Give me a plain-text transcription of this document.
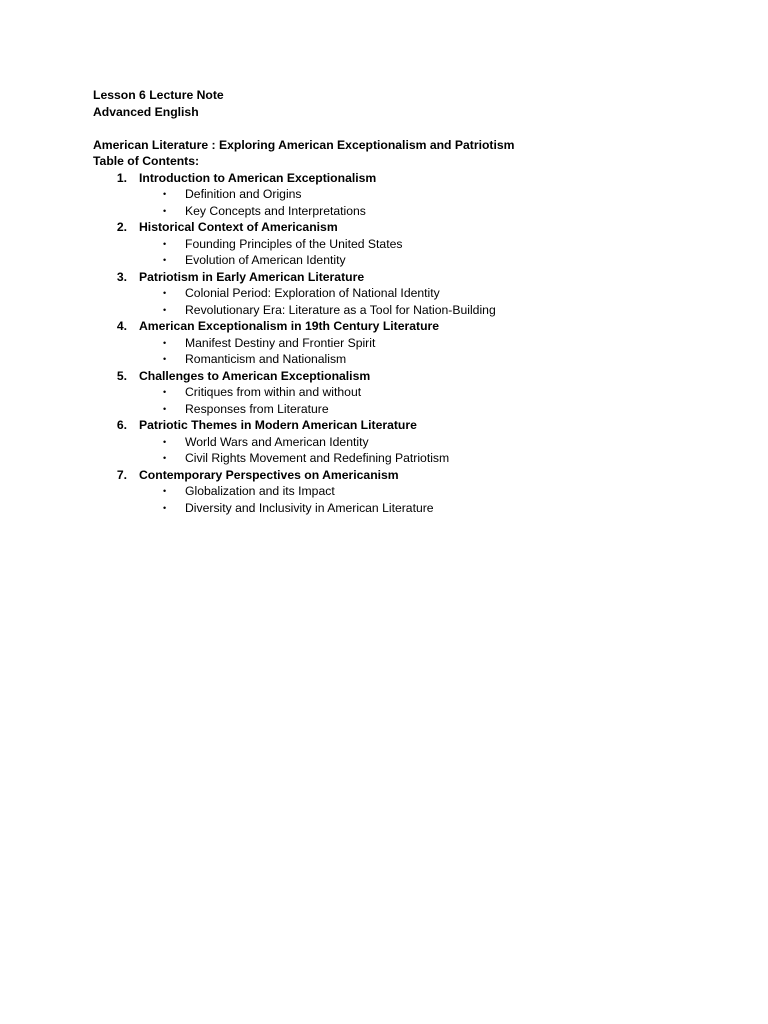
Lesson 6 Lecture Note
Advanced English
American Literature : Exploring American Exceptionalism and Patriotism
Table of Contents:
1. Introduction to American Exceptionalism
•	Definition and Origins
•	Key Concepts and Interpretations
2. Historical Context of Americanism
•	Founding Principles of the United States
•	Evolution of American Identity
3. Patriotism in Early American Literature
•	Colonial Period: Exploration of National Identity
•	Revolutionary Era: Literature as a Tool for Nation-Building
4. American Exceptionalism in 19th Century Literature
•	Manifest Destiny and Frontier Spirit
•	Romanticism and Nationalism
5. Challenges to American Exceptionalism
•	Critiques from within and without
•	Responses from Literature
6. Patriotic Themes in Modern American Literature
•	World Wars and American Identity
•	Civil Rights Movement and Redefining Patriotism
7. Contemporary Perspectives on Americanism
•	Globalization and its Impact
•	Diversity and Inclusivity in American Literature
